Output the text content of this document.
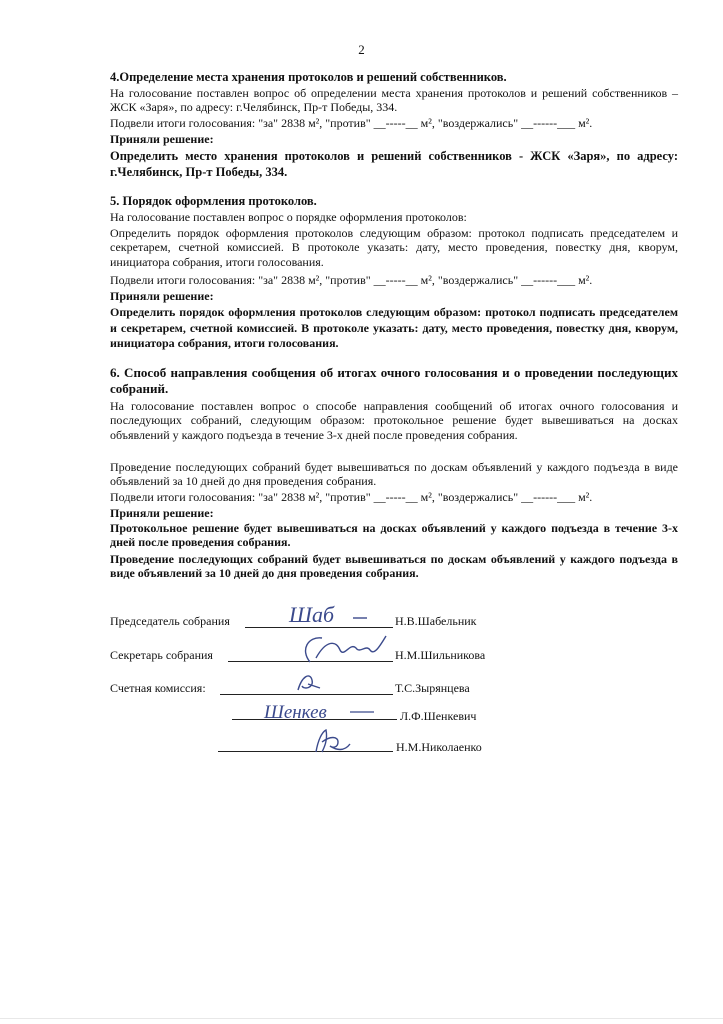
2
4.Определение места хранения протоколов и решений собственников.
На голосование поставлен вопрос об определении места хранения протоколов и решений собственников – ЖСК «Заря», по адресу: г.Челябинск, Пр-т Победы, 334.
Подвели итоги голосования: "за" 2838 м², "против" __-----__ м², "воздержались" __------___ м².
Приняли решение:
Определить место хранения протоколов и решений собственников - ЖСК «Заря», по адресу: г.Челябинск, Пр-т Победы, 334.
5. Порядок оформления протоколов.
На голосование поставлен вопрос о порядке оформления протоколов:
Определить порядок оформления протоколов следующим образом: протокол подписать председателем и секретарем, счетной комиссией. В протоколе указать: дату, место проведения, повестку дня, кворум, инициатора собрания, итоги голосования.
Подвели итоги голосования: "за" 2838 м², "против" __-----__ м², "воздержались" __------___ м².
Приняли решение:
Определить порядок оформления протоколов следующим образом: протокол подписать председателем и секретарем, счетной комиссией. В протоколе указать: дату, место проведения, повестку дня, кворум, инициатора собрания, итоги голосования.
6. Способ направления сообщения об итогах очного голосования и о проведении последующих собраний.
На голосование поставлен вопрос о способе направления сообщений об итогах очного голосования и последующих собраний, следующим образом: протокольное решение будет вывешиваться на досках объявлений у каждого подъезда в течение 3-х дней после проведения собрания.
Проведение последующих собраний будет вывешиваться по доскам объявлений у каждого подъезда в виде объявлений за 10 дней до дня проведения собрания.
Подвели итоги голосования: "за" 2838 м², "против" __-----__ м², "воздержались" __------___ м².
Приняли решение:
Протокольное решение будет вывешиваться на досках объявлений у каждого подъезда в течение 3-х дней после проведения собрания.
Проведение последующих собраний будет вывешиваться по доскам объявлений у каждого подъезда в виде объявлений за 10 дней до дня проведения собрания.
Председатель собрания	Н.В.Шабельник
Шаб
Секретарь собрания	Н.М.Шильникова
Счетная комиссия:	Т.С.Зырянцева
Л.Ф.Шенкевич
Шенкев
Н.М.Николаенко
